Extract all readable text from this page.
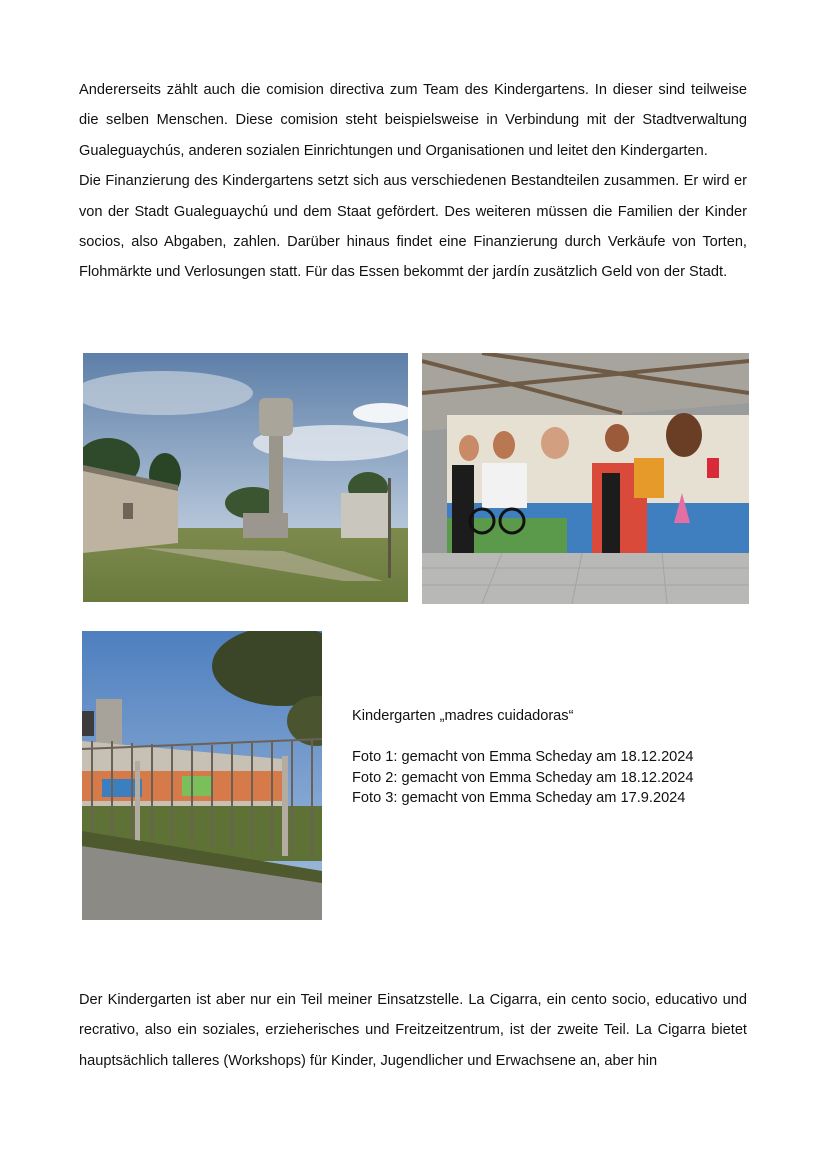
Andererseits zählt auch die comision directiva zum Team des Kindergartens. In dieser sind teilweise die selben Menschen. Diese comision steht beispielsweise in Verbindung mit der Stadtverwaltung Gualeguaychús, anderen sozialen Einrichtungen und Organisationen und leitet den Kindergarten.
Die Finanzierung des Kindergartens setzt sich aus verschiedenen Bestandteilen zusammen. Er wird er von der Stadt Gualeguaychú und dem Staat gefördert. Des weiteren müssen die Familien der Kinder socios, also Abgaben, zahlen. Darüber hinaus findet eine Finanzierung durch Verkäufe von Torten, Flohmärkte und Verlosungen statt. Für das Essen bekommt der jardín zusätzlich Geld von der Stadt.
Kindergarten „madres cuidadoras“
Foto 1: gemacht von Emma Scheday am 18.12.2024
Foto 2: gemacht von Emma Scheday am 18.12.2024
Foto 3: gemacht von Emma Scheday am 17.9.2024

Der Kindergarten ist aber nur ein Teil meiner Einsatzstelle. La Cigarra, ein cento socio, educativo und recrativo, also ein soziales, erzieherisches und Freitzeitzentrum, ist der zweite Teil. La Cigarra bietet hauptsächlich talleres (Workshops) für Kinder, Jugendlicher und Erwachsene an, aber hin
